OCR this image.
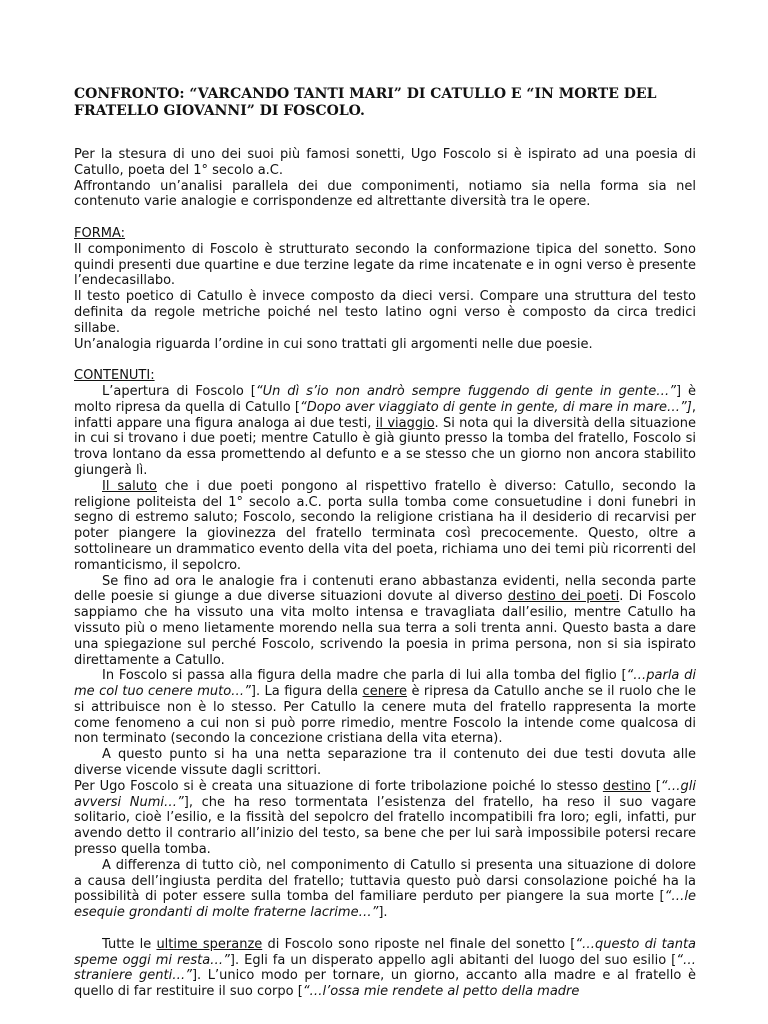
CONFRONTO: “VARCANDO TANTI MARI” DI CATULLO E “IN MORTE DEL FRATELLO GIOVANNI” DI FOSCOLO.

Per la stesura di uno dei suoi più famosi sonetti, Ugo Foscolo si è ispirato ad una poesia di Catullo, poeta del 1° secolo a.C.

Affrontando un’analisi parallela dei due componimenti, notiamo sia nella forma sia nel contenuto varie analogie e corrispondenze ed altrettante diversità tra le opere.

FORMA:

Il componimento di Foscolo è strutturato secondo la conformazione tipica del sonetto. Sono quindi presenti due quartine e due terzine legate da rime incatenate e in ogni verso è presente l’endecasillabo.

Il testo poetico di Catullo è invece composto da dieci versi. Compare una struttura del testo definita da regole metriche poiché nel testo latino ogni verso è composto da circa tredici sillabe.

Un’analogia riguarda l’ordine in cui sono trattati gli argomenti nelle due poesie.

CONTENUTI:

L’apertura di Foscolo [“Un dì s’io non andrò sempre fuggendo di gente in gente…”] è molto ripresa da quella di Catullo [“Dopo aver viaggiato di gente in gente, di mare in mare…”], infatti appare una figura analoga ai due testi, il viaggio. Si nota qui la diversità della situazione in cui si trovano i due poeti; mentre Catullo è già giunto presso la tomba del fratello, Foscolo si trova lontano da essa promettendo al defunto e a se stesso che un giorno non ancora stabilito giungerà lì.

Il saluto che i due poeti pongono al rispettivo fratello è diverso: Catullo, secondo la religione politeista del 1° secolo a.C. porta sulla tomba come consuetudine i doni funebri in segno di estremo saluto; Foscolo, secondo la religione cristiana ha il desiderio di recarvisi per poter piangere la giovinezza del fratello terminata così precocemente. Questo, oltre a sottolineare un drammatico evento della vita del poeta, richiama uno dei temi più ricorrenti del romanticismo, il sepolcro.

Se fino ad ora le analogie fra i contenuti erano abbastanza evidenti, nella seconda parte delle poesie si giunge a due diverse situazioni dovute al diverso destino dei poeti. Di Foscolo sappiamo che ha vissuto una vita molto intensa e travagliata dall’esilio, mentre Catullo ha vissuto più o meno lietamente morendo nella sua terra a soli trenta anni. Questo basta a dare una spiegazione sul perché Foscolo, scrivendo la poesia in prima persona, non si sia ispirato direttamente a Catullo.

In Foscolo si passa alla figura della madre che parla di lui alla tomba del figlio [“…parla di me col tuo cenere muto…”]. La figura della cenere è ripresa da Catullo anche se il ruolo che le si attribuisce non è lo stesso. Per Catullo la cenere muta del fratello rappresenta la morte come fenomeno a cui non si può porre rimedio, mentre Foscolo la intende come qualcosa di non terminato (secondo la concezione cristiana della vita eterna).

A questo punto si ha una netta separazione tra il contenuto dei due testi dovuta alle diverse vicende vissute dagli scrittori.

Per Ugo Foscolo si è creata una situazione di forte tribolazione poiché lo stesso destino [“…gli avversi Numi…”], che ha reso tormentata l’esistenza del fratello, ha reso il suo vagare solitario, cioè l’esilio, e la fissità del sepolcro del fratello incompatibili fra loro; egli, infatti, pur avendo detto il contrario all’inizio del testo, sa bene che per lui sarà impossibile potersi recare presso quella tomba.

A differenza di tutto ciò, nel componimento di Catullo si presenta una situazione di dolore a causa dell’ingiusta perdita del fratello; tuttavia questo può darsi consolazione poiché ha la possibilità di poter essere sulla tomba del familiare perduto per piangere la sua morte [“…le esequie grondanti di molte fraterne lacrime…”].

Tutte le ultime speranze di Foscolo sono riposte nel finale del sonetto [“…questo di tanta speme oggi mi resta…”]. Egli fa un disperato appello agli abitanti del luogo del suo esilio [“…straniere genti…”]. L’unico modo per tornare, un giorno, accanto alla madre e al fratello è quello di far restituire il suo corpo [“…l’ossa mie rendete al petto della madre
